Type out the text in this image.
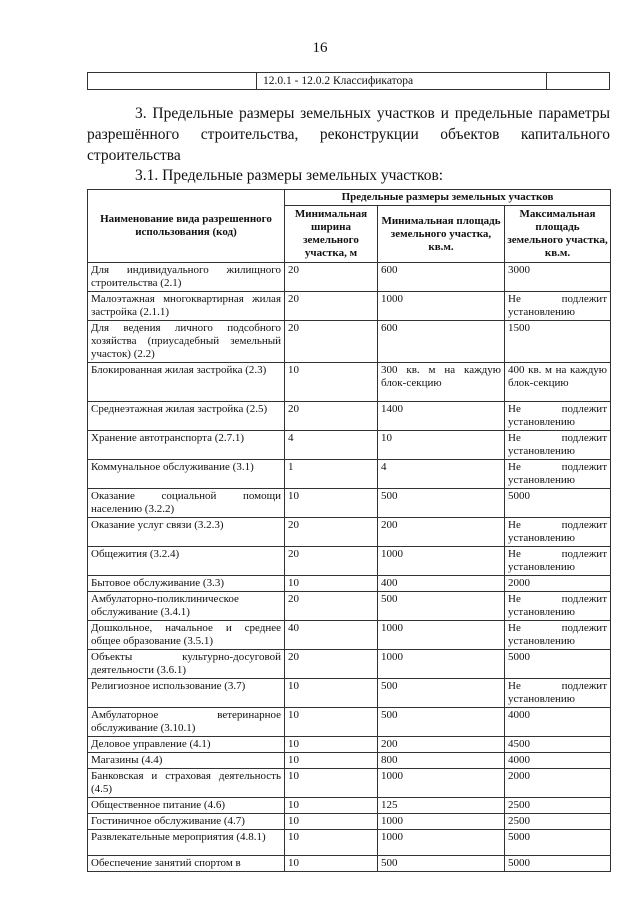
16
12.0.1 - 12.0.2 Классификатора

3. Предельные размеры земельных участков и предельные параметры разрешённого строительства, реконструкции объектов капитального строительства

3.1. Предельные размеры земельных участков:

Наименование вида разрешенного использования (код)	Предельные размеры земельных участков		
	Минимальная ширина земельного участка, м	Минимальная площадь земельного участка, кв.м.	Максимальная площадь земельного участка, кв.м.
Для индивидуального жилищного строительства (2.1)	20	600	3000
Малоэтажная многоквартирная жилая застройка (2.1.1)	20	1000	Не подлежит установлению
Для ведения личного подсобного хозяйства (приусадебный земельный участок) (2.2)	20	600	1500
Блокированная жилая застройка (2.3)	10	300 кв. м на каждую блок-секцию	400 кв. м на каждую блок-секцию
Среднеэтажная жилая застройка (2.5)	20	1400	Не подлежит установлению
Хранение автотранспорта (2.7.1)	4	10	Не подлежит установлению
Коммунальное обслуживание (3.1)	1	4	Не подлежит установлению
Оказание социальной помощи населению (3.2.2)	10	500	5000
Оказание услуг связи (3.2.3)	20	200	Не подлежит установлению
Общежития (3.2.4)	20	1000	Не подлежит установлению
Бытовое обслуживание (3.3)	10	400	2000
Амбулаторно-поликлиническое обслуживание (3.4.1)	20	500	Не подлежит установлению
Дошкольное, начальное и среднее общее образование (3.5.1)	40	1000	Не подлежит установлению
Объекты культурно-досуговой деятельности (3.6.1)	20	1000	5000
Религиозное использование (3.7)	10	500	Не подлежит установлению
Амбулаторное ветеринарное обслуживание (3.10.1)	10	500	4000
Деловое управление (4.1)	10	200	4500
Магазины (4.4)	10	800	4000
Банковская и страховая деятельность (4.5)	10	1000	2000
Общественное питание (4.6)	10	125	2500
Гостиничное обслуживание (4.7)	10	1000	2500
Развлекательные мероприятия (4.8.1)	10	1000	5000
Обеспечение занятий спортом в	10	500	5000
